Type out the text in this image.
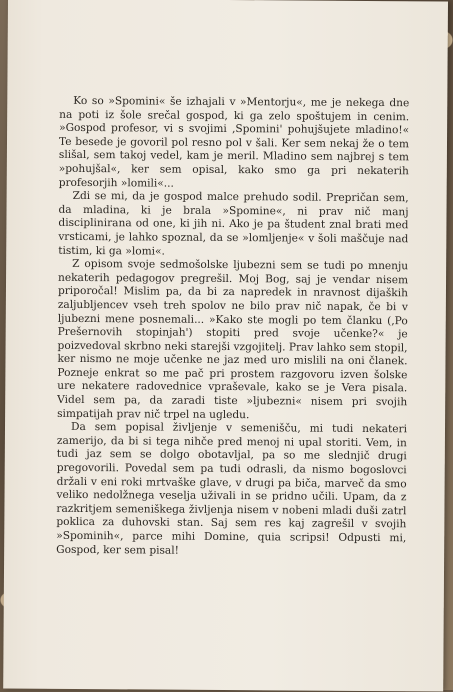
Ko so »Spomini« še izhajali v »Mentorju«, me je nekega dne na poti iz šole srečal gospod, ki ga zelo spoštujem in cenim. »Gospod profesor, vi s svojimi ‚Spomini' pohujšujete mladino!« Te besede je govoril pol resno pol v šali. Ker sem nekaj že o tem slišal, sem takoj vedel, kam je meril. Mladino sem najbrej s tem »pohujšal«, ker sem opisal, kako smo ga pri nekaterih profesorjih »lomili«...

Zdi se mi, da je gospod malce prehudo sodil. Prepričan sem, da mladina, ki je brala »Spomine«, ni prav nič manj disciplinirana od one, ki jih ni. Ako je pa študent znal brati med vrsticami, je lahko spoznal, da se »lomljenje« v šoli maščuje nad tistim, ki ga »lomi«.

Z opisom svoje sedmošolske ljubezni sem se tudi po mnenju nekaterih pedagogov pregrešil. Moj Bog, saj je vendar nisem priporočal! Mislim pa, da bi za napredek in nravnost dijaških zaljubljencev vseh treh spolov ne bilo prav nič napak, če bi v ljubezni mene posnemali... »Kako ste mogli po tem članku (‚Po Prešernovih stopinjah') stopiti pred svoje učenke?« je poizvedoval skrbno neki starejši vzgojitelj. Prav lahko sem stopil, ker nismo ne moje učenke ne jaz med uro mislili na oni članek. Pozneje enkrat so me pač pri prostem razgovoru izven šolske ure nekatere radovednice vpraševale, kako se je Vera pisala. Videl sem pa, da zaradi tiste »ljubezni« nisem pri svojih simpatijah prav nič trpel na ugledu.

Da sem popisal življenje v semenišču, mi tudi nekateri zamerijo, da bi si tega nihče pred menoj ni upal storiti. Vem, in tudi jaz sem se dolgo obotavljal, pa so me slednjič drugi pregovorili. Povedal sem pa tudi odrasli, da nismo bogoslovci držali v eni roki mrtvaške glave, v drugi pa biča, marveč da smo veliko nedolžnega veselja uživali in se pridno učili. Upam, da z razkritjem semeniškega življenja nisem v nobeni mladi duši zatrl poklica za duhovski stan. Saj sem res kaj zagrešil v svojih »Spominih«, parce mihi Domine, quia scripsi! Odpusti mi, Gospod, ker sem pisal!
